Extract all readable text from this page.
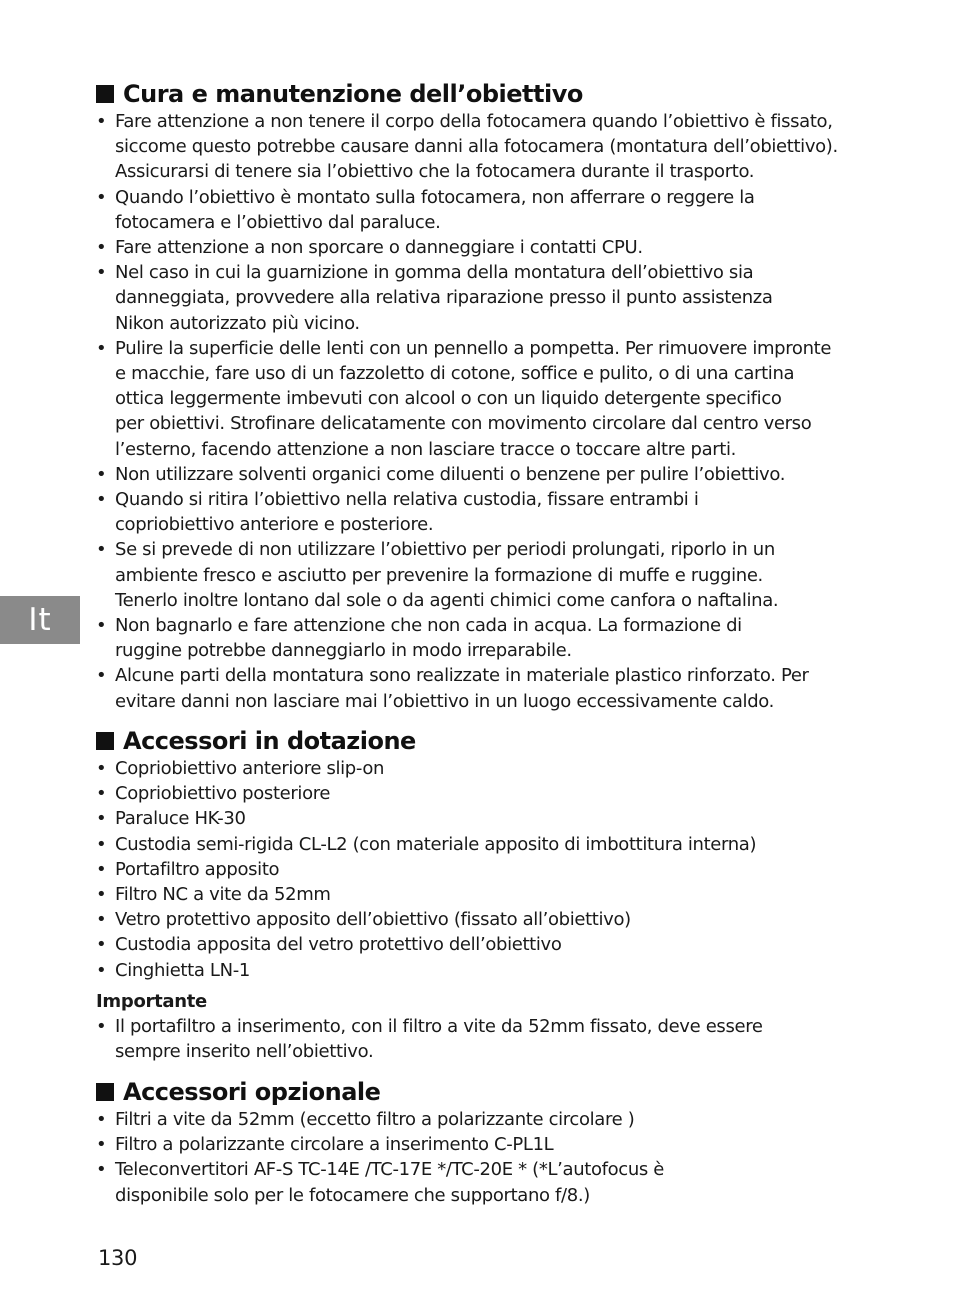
It
Cura e manutenzione dell’obiettivo
• Fare attenzione a non tenere il corpo della fotocamera quando l’obiettivo è fissato,
siccome questo potrebbe causare danni alla fotocamera (montatura dell’obiettivo).
Assicurarsi di tenere sia l’obiettivo che la fotocamera durante il trasporto.
• Quando l’obiettivo è montato sulla fotocamera, non afferrare o reggere la
fotocamera e l’obiettivo dal paraluce.
• Fare attenzione a non sporcare o danneggiare i contatti CPU.
• Nel caso in cui la guarnizione in gomma della montatura dell’obiettivo sia
danneggiata, provvedere alla relativa riparazione presso il punto assistenza
Nikon autorizzato più vicino.
• Pulire la superficie delle lenti con un pennello a pompetta. Per rimuovere impronte
e macchie, fare uso di un fazzoletto di cotone, soffice e pulito, o di una cartina
ottica leggermente imbevuti con alcool o con un liquido detergente specifico
per obiettivi. Strofinare delicatamente con movimento circolare dal centro verso
l’esterno, facendo attenzione a non lasciare tracce o toccare altre parti.
• Non utilizzare solventi organici come diluenti o benzene per pulire l’obiettivo.
• Quando si ritira l’obiettivo nella relativa custodia, fissare entrambi i
copriobiettivo anteriore e posteriore.
• Se si prevede di non utilizzare l’obiettivo per periodi prolungati, riporlo in un
ambiente fresco e asciutto per prevenire la formazione di muffe e ruggine.
Tenerlo inoltre lontano dal sole o da agenti chimici come canfora o naftalina.
• Non bagnarlo e fare attenzione che non cada in acqua. La formazione di
ruggine potrebbe danneggiarlo in modo irreparabile.
• Alcune parti della montatura sono realizzate in materiale plastico rinforzato. Per
evitare danni non lasciare mai l’obiettivo in un luogo eccessivamente caldo.
Accessori in dotazione
• Copriobiettivo anteriore slip-on
• Copriobiettivo posteriore
• Paraluce HK-30
• Custodia semi-rigida CL-L2 (con materiale apposito di imbottitura interna)
• Portafiltro apposito
• Filtro NC a vite da 52mm
• Vetro protettivo apposito dell’obiettivo (fissato all’obiettivo)
• Custodia apposita del vetro protettivo dell’obiettivo
• Cinghietta LN-1
Importante
• Il portafiltro a inserimento, con il filtro a vite da 52mm fissato, deve essere
sempre inserito nell’obiettivo.
Accessori opzionale
• Filtri a vite da 52mm (eccetto filtro a polarizzante circolare )
• Filtro a polarizzante circolare a inserimento C-PL1L
• Teleconvertitori AF-S TC-14E /TC-17E */TC-20E * (*L’autofocus è
disponibile solo per le fotocamere che supportano f/8.)
130
